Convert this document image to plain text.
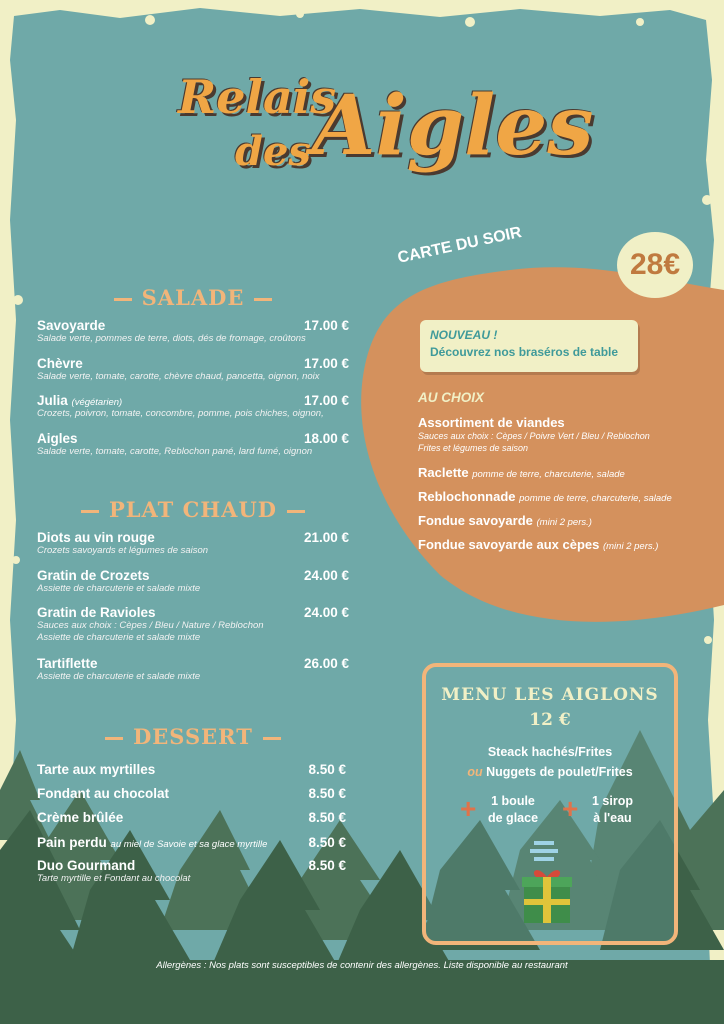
Relais
des Aigles
CARTE DU SOIR	28€
NOUVEAU !
Découvrez nos braséros de table
AU CHOIX
Assortiment de viandes
Sauces aux choix : Cèpes / Poivre Vert / Bleu / Reblochon
Frites et légumes de saison
Raclette pomme de terre, charcuterie, salade
Reblochonnade pomme de terre, charcuterie, salade
Fondue savoyarde (mini 2 pers.)
Fondue savoyarde aux cèpes (mini 2 pers.)
SALADE
Savoyarde	17.00 €
Salade verte, pommes de terre, diots, dés de fromage, croûtons
Chèvre	17.00 €
Salade verte, tomate, carotte, chèvre chaud, pancetta, oignon, noix
Julia (végétarien)	17.00 €
Crozets, poivron, tomate, concombre, pomme, pois chiches, oignon,
Aigles	18.00 €
Salade verte, tomate, carotte, Reblochon pané, lard fumé, oignon
PLAT CHAUD
Diots au vin rouge	21.00 €
Crozets savoyards et légumes de saison
Gratin de Crozets	24.00 €
Assiette de charcuterie et salade mixte
Gratin de Ravioles	24.00 €
Sauces aux choix : Cèpes / Bleu / Nature / Reblochon
Assiette de charcuterie et salade mixte
Tartiflette	26.00 €
Assiette de charcuterie et salade mixte
DESSERT
Tarte aux myrtilles	8.50 €
Fondant au chocolat	8.50 €
Crème brûlée	8.50 €
Pain perdu au miel de Savoie et sa glace myrtille	8.50 €
Duo Gourmand	8.50 €
Tarte myrtille et Fondant au chocolat
MENU LES AIGLONS
12 €
Steack hachés/Frites
ou Nuggets de poulet/Frites
+ 1 boule
de glace + 1 sirop
à l'eau
Allergènes : Nos plats sont susceptibles de contenir des allergènes. Liste disponible au restaurant
